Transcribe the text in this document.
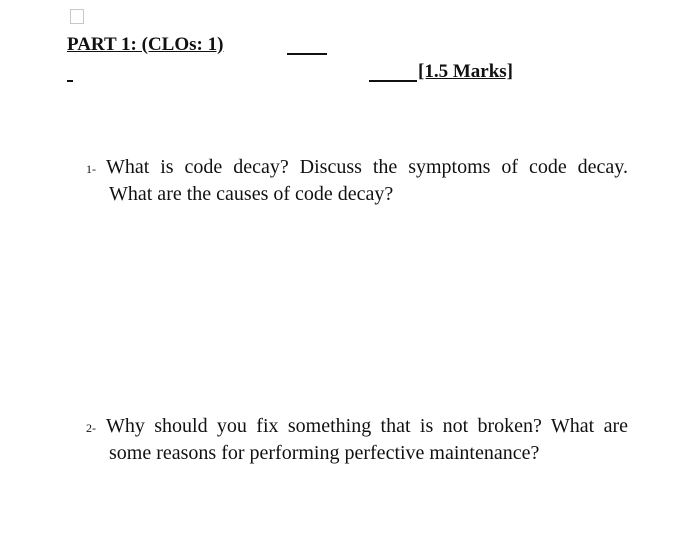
PART 1: (CLOs: 1)
[1.5 Marks]
1- What is code decay? Discuss the symptoms of code decay.
What are the causes of code decay?
2- Why should you fix something that is not broken? What are
some reasons for performing perfective maintenance?
